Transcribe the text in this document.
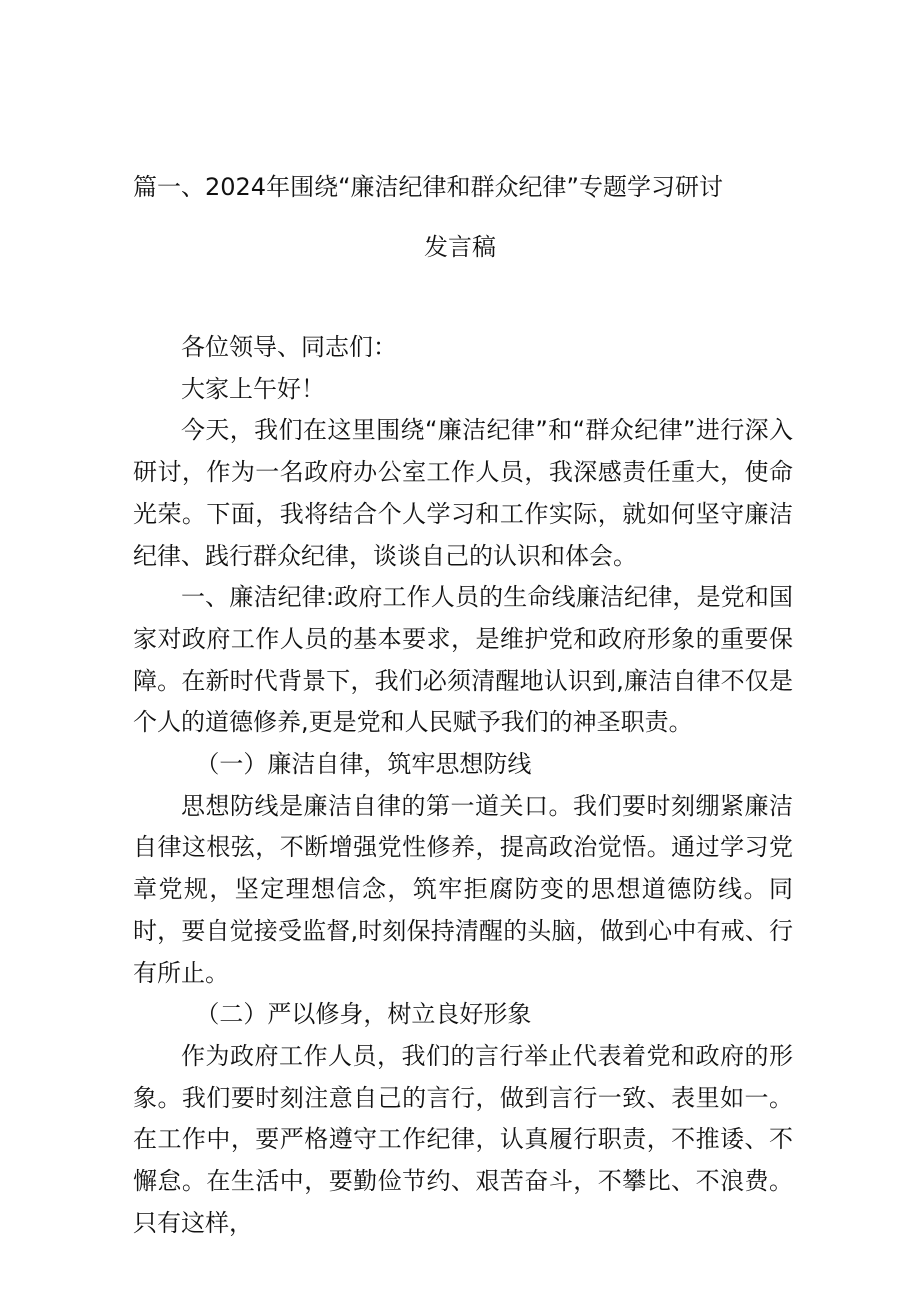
篇一、2024年围绕“廉洁纪律和群众纪律”专题学习研讨
发言稿

各位领导、同志们：

大家上午好！

今天，我们在这里围绕“廉洁纪律”和“群众纪律”进行深入研讨，作为一名政府办公室工作人员，我深感责任重大，使命光荣。下面，我将结合个人学习和工作实际，就如何坚守廉洁纪律、践行群众纪律，谈谈自己的认识和体会。

一、廉洁纪律:政府工作人员的生命线廉洁纪律，是党和国家对政府工作人员的基本要求，是维护党和政府形象的重要保障。在新时代背景下，我们必须清醒地认识到,廉洁自律不仅是个人的道德修养,更是党和人民赋予我们的神圣职责。

（一）廉洁自律，筑牢思想防线

思想防线是廉洁自律的第一道关口。我们要时刻绷紧廉洁自律这根弦，不断增强党性修养，提高政治觉悟。通过学习党章党规，坚定理想信念，筑牢拒腐防变的思想道德防线。同时，要自觉接受监督,时刻保持清醒的头脑，做到心中有戒、行有所止。

（二）严以修身，树立良好形象

作为政府工作人员，我们的言行举止代表着党和政府的形象。我们要时刻注意自己的言行，做到言行一致、表里如一。在工作中，要严格遵守工作纪律，认真履行职责，不推诿、不懈怠。在生活中，要勤俭节约、艰苦奋斗，不攀比、不浪费。只有这样，
